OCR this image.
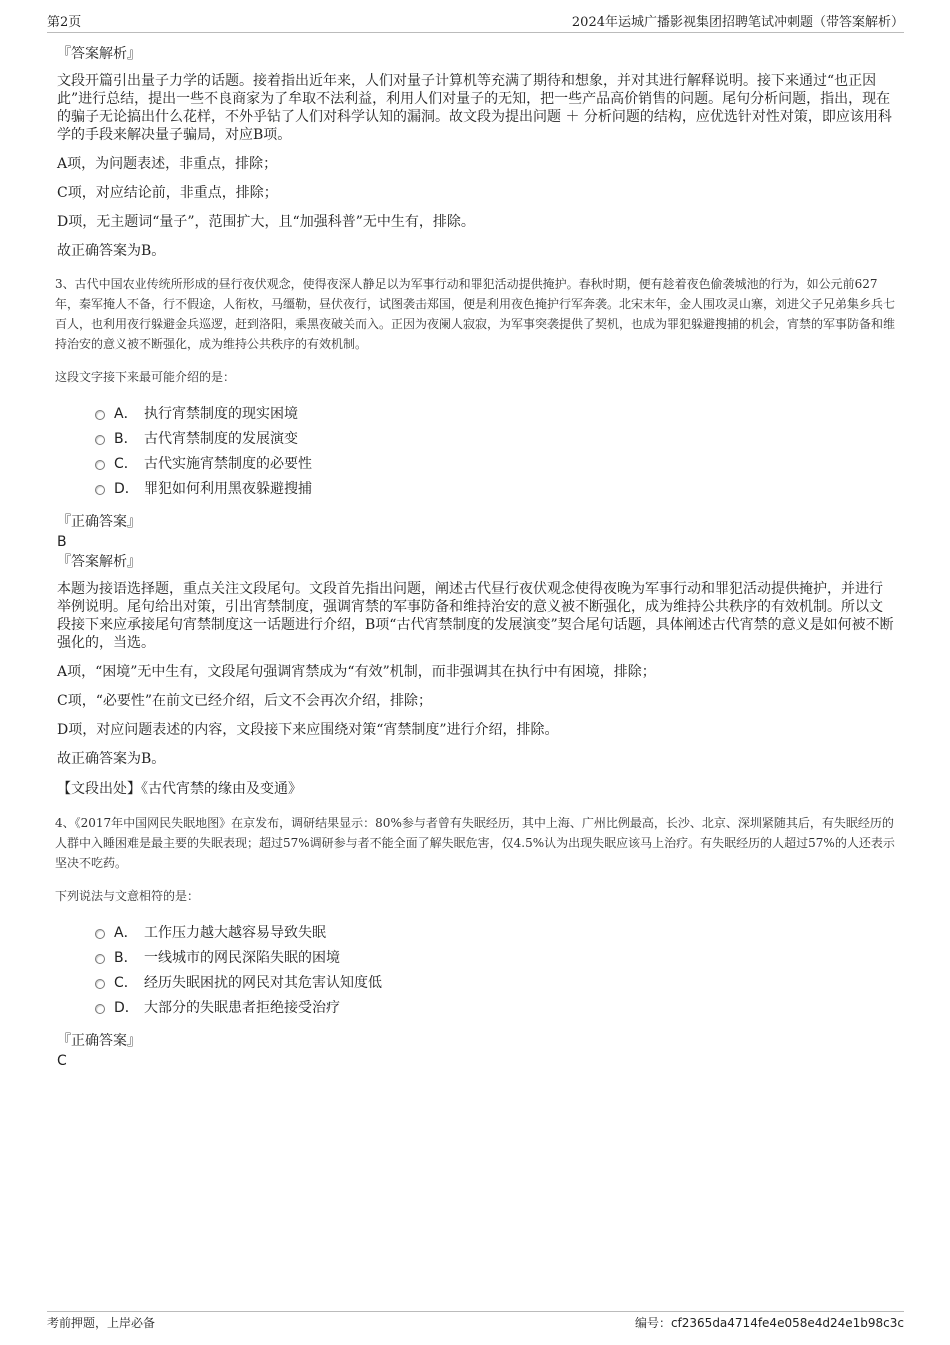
第2页	2024年运城广播影视集团招聘笔试冲刺题（带答案解析）
『答案解析』

文段开篇引出量子力学的话题。接着指出近年来，人们对量子计算机等充满了期待和想象，并对其进行解释说明。接下来通过“也正因此”进行总结，提出一些不良商家为了牟取不法利益，利用人们对量子的无知，把一些产品高价销售的问题。尾句分析问题，指出，现在的骗子无论搞出什么花样，不外乎钻了人们对科学认知的漏洞。故文段为提出问题 ＋ 分析问题的结构，应优选针对性对策，即应该用科学的手段来解决量子骗局，对应B项。

A项，为问题表述，非重点，排除；

C项，对应结论前，非重点，排除；

D项，无主题词“量子”，范围扩大，且“加强科普”无中生有，排除。

故正确答案为B。

3、古代中国农业传统所形成的昼行夜伏观念，使得夜深人静足以为军事行动和罪犯活动提供掩护。春秋时期，便有趁着夜色偷袭城池的行为，如公元前627年，秦军掩人不备，行不假途，人衔枚，马缰勒，昼伏夜行，试图袭击郑国，便是利用夜色掩护行军奔袭。北宋末年，金人围攻灵山寨，刘进父子兄弟集乡兵七百人，也利用夜行躲避金兵巡逻，赶到洛阳，乘黑夜破关而入。正因为夜阑人寂寂，为军事突袭提供了契机，也成为罪犯躲避搜捕的机会，宵禁的军事防备和维持治安的意义被不断强化，成为维持公共秩序的有效机制。
这段文字接下来最可能介绍的是：
A． 执行宵禁制度的现实困境
B． 古代宵禁制度的发展演变
C． 古代实施宵禁制度的必要性
D． 罪犯如何利用黑夜躲避搜捕
『正确答案』
B
『答案解析』

本题为接语选择题，重点关注文段尾句。文段首先指出问题，阐述古代昼行夜伏观念使得夜晚为军事行动和罪犯活动提供掩护，并进行举例说明。尾句给出对策，引出宵禁制度，强调宵禁的军事防备和维持治安的意义被不断强化，成为维持公共秩序的有效机制。所以文段接下来应承接尾句宵禁制度这一话题进行介绍，B项“古代宵禁制度的发展演变”契合尾句话题，具体阐述古代宵禁的意义是如何被不断强化的，当选。

A项，“困境”无中生有，文段尾句强调宵禁成为“有效”机制，而非强调其在执行中有困境，排除；

C项，“必要性”在前文已经介绍，后文不会再次介绍，排除；

D项，对应问题表述的内容，文段接下来应围绕对策“宵禁制度”进行介绍，排除。

故正确答案为B。

【文段出处】《古代宵禁的缘由及变通》
4、《2017年中国网民失眠地图》在京发布，调研结果显示：80%参与者曾有失眠经历，其中上海、广州比例最高，长沙、北京、深圳紧随其后，有失眠经历的人群中入睡困难是最主要的失眠表现；超过57%调研参与者不能全面了解失眠危害，仅4.5%认为出现失眠应该马上治疗。有失眠经历的人超过57%的人还表示坚决不吃药。
下列说法与文意相符的是：
A． 工作压力越大越容易导致失眠
B． 一线城市的网民深陷失眠的困境
C． 经历失眠困扰的网民对其危害认知度低
D． 大部分的失眠患者拒绝接受治疗
『正确答案』
C
考前押题，上岸必备	编号：cf2365da4714fe4e058e4d24e1b98c3c
